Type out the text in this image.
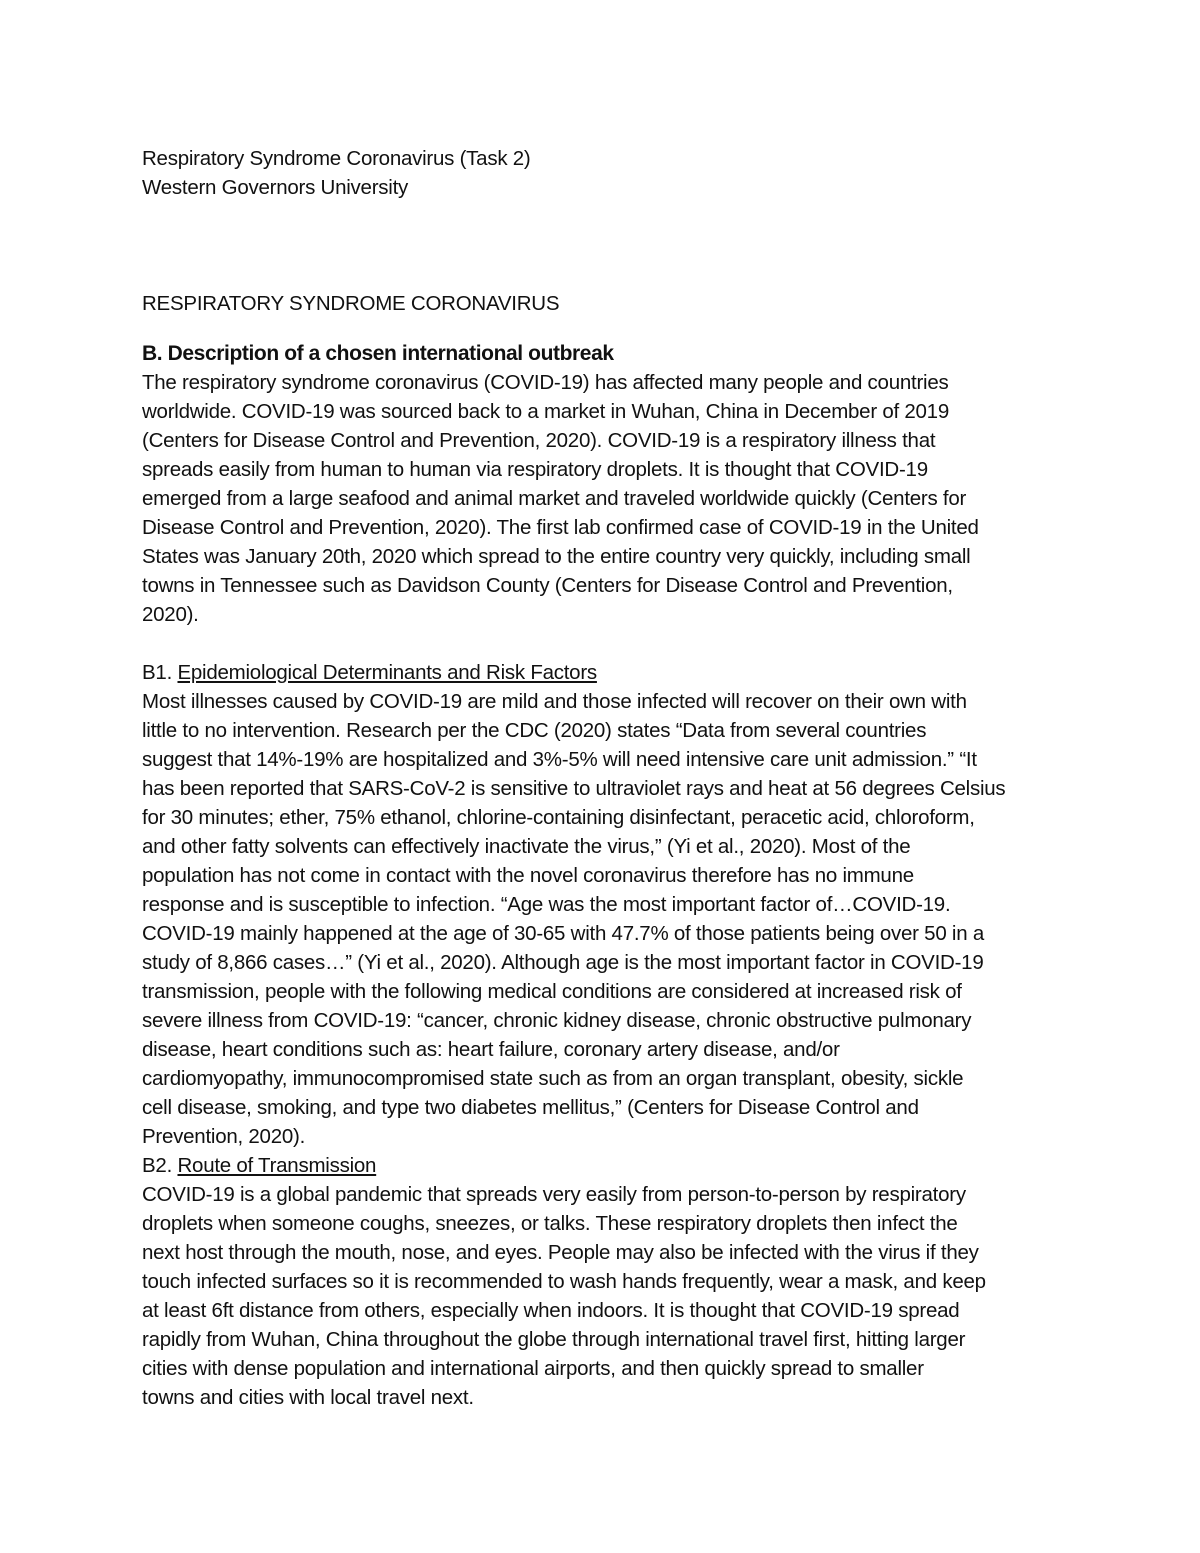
Respiratory Syndrome Coronavirus (Task 2)
Western Governors University
RESPIRATORY SYNDROME CORONAVIRUS
B. Description of a chosen international outbreak
The respiratory syndrome coronavirus (COVID-19) has affected many people and countries
worldwide. COVID-19 was sourced back to a market in Wuhan, China in December of 2019
(Centers for Disease Control and Prevention, 2020). COVID-19 is a respiratory illness that
spreads easily from human to human via respiratory droplets. It is thought that COVID-19
emerged from a large seafood and animal market and traveled worldwide quickly (Centers for
Disease Control and Prevention, 2020). The first lab confirmed case of COVID-19 in the United
States was January 20th, 2020 which spread to the entire country very quickly, including small
towns in Tennessee such as Davidson County (Centers for Disease Control and Prevention,
2020).
B1. Epidemiological Determinants and Risk Factors
Most illnesses caused by COVID-19 are mild and those infected will recover on their own with
little to no intervention. Research per the CDC (2020) states “Data from several countries
suggest that 14%-19% are hospitalized and 3%-5% will need intensive care unit admission.” “It
has been reported that SARS-CoV-2 is sensitive to ultraviolet rays and heat at 56 degrees Celsius
for 30 minutes; ether, 75% ethanol, chlorine-containing disinfectant, peracetic acid, chloroform,
and other fatty solvents can effectively inactivate the virus,” (Yi et al., 2020). Most of the
population has not come in contact with the novel coronavirus therefore has no immune
response and is susceptible to infection. “Age was the most important factor of…COVID-19.
COVID-19 mainly happened at the age of 30-65 with 47.7% of those patients being over 50 in a
study of 8,866 cases…” (Yi et al., 2020). Although age is the most important factor in COVID-19
transmission, people with the following medical conditions are considered at increased risk of
severe illness from COVID-19: “cancer, chronic kidney disease, chronic obstructive pulmonary
disease, heart conditions such as: heart failure, coronary artery disease, and/or
cardiomyopathy, immunocompromised state such as from an organ transplant, obesity, sickle
cell disease, smoking, and type two diabetes mellitus,” (Centers for Disease Control and
Prevention, 2020).
B2. Route of Transmission
COVID-19 is a global pandemic that spreads very easily from person-to-person by respiratory
droplets when someone coughs, sneezes, or talks. These respiratory droplets then infect the
next host through the mouth, nose, and eyes. People may also be infected with the virus if they
touch infected surfaces so it is recommended to wash hands frequently, wear a mask, and keep
at least 6ft distance from others, especially when indoors. It is thought that COVID-19 spread
rapidly from Wuhan, China throughout the globe through international travel first, hitting larger
cities with dense population and international airports, and then quickly spread to smaller
towns and cities with local travel next.
